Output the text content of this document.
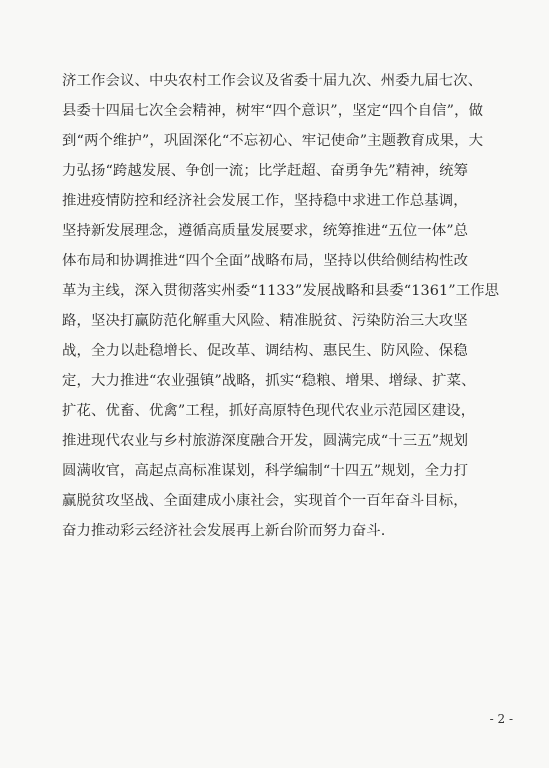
济工作会议、中央农村工作会议及省委十届九次、州委九届七次、
县委十四届七次全会精神，树牢“四个意识”，坚定“四个自信”，做
到“两个维护”，巩固深化“不忘初心、牢记使命”主题教育成果，大
力弘扬“跨越发展、争创一流；比学赶超、奋勇争先”精神，统筹
推进疫情防控和经济社会发展工作，坚持稳中求进工作总基调，
坚持新发展理念，遵循高质量发展要求，统筹推进“五位一体”总
体布局和协调推进“四个全面”战略布局，坚持以供给侧结构性改
革为主线，深入贯彻落实州委“1133”发展战略和县委“1361”工作思
路，坚决打赢防范化解重大风险、精准脱贫、污染防治三大攻坚
战，全力以赴稳增长、促改革、调结构、惠民生、防风险、保稳
定，大力推进“农业强镇”战略，抓实“稳粮、增果、增绿、扩菜、
扩花、优畜、优禽”工程，抓好高原特色现代农业示范园区建设，
推进现代农业与乡村旅游深度融合开发，圆满完成“十三五”规划
圆满收官，高起点高标准谋划，科学编制“十四五”规划，全力打
赢脱贫攻坚战、全面建成小康社会，实现首个一百年奋斗目标，
奋力推动彩云经济社会发展再上新台阶而努力奋斗.
- 2 -
